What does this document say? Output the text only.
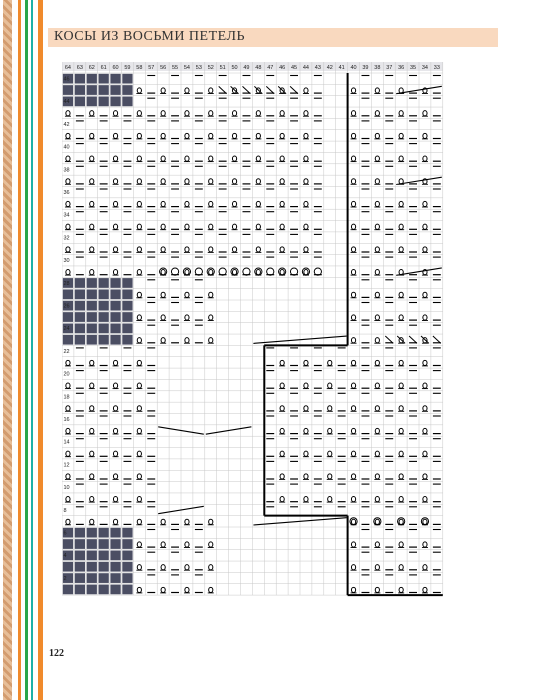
КОСЫ ИЗ ВОСЬМИ ПЕТЕЛЬ
64 63 62 61 60 59 58 57 56 55 54 53 52 51 50 49 48 47 46 45 44 43 42 41 40 39 38 37 36 35 34 33
46
44
42
40
38
36
34
32
30
28
26
24
22
20
18
16
14
12
10
8
6
4
2
122
